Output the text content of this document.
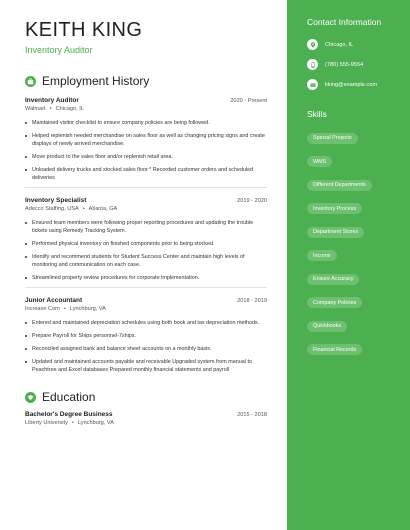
KEITH KING
Inventory Auditor
Employment History
Inventory Auditor	2020 - Present
Walmart • Chicago, IL
Maintained visitor checklist to ensure company policies are being followed.
Helped replenish needed merchandise on sales floor as well as changing pricing signs and create displays of newly arrived merchandise.
Move product to the sales floor and/or replenish retail area.
Unloaded delivery trucks and stocked sales floor * Recorded customer orders and scheduled deliveries
Inventory Specialist	2019 - 2020
Adecco Staffing, USA • Atlanta, GA
Ensured team members were following proper reporting procedures and updating the trouble tickets using Remedy Tracking System.
Performed physical inventory on finished components prior to being stocked.
Identify and recommend students for Student Success Center and maintain high levels of monitoring and communication on each case.
Streamlined property review procedures for corporate implementation.
Junior Accountant	2018 - 2019
Increase Com • Lynchburg, VA
Entered and maintained depreciation schedules using both book and tax depreciation methods.
Prepare Payroll for Ships personnel-7ships.
Reconciled assigned bank and balance sheet accounts on a monthly basis.
Updated and maintained accounts payable and receivable Upgraded system from manual to Peachtree and Excel databases Prepared monthly financial statements and payroll
Education
Bachelor's Degree Business	2015 - 2018
Liberty University • Lynchburg, VA
Contact Information
Chicago, IL
(780) 555-9554
kking@example.com
Skills
Special Projects
WMS
Different Departments
Inventory Process
Department Stores
Income
Ensure Accuracy
Company Policies
Quickbooks
Financial Records
